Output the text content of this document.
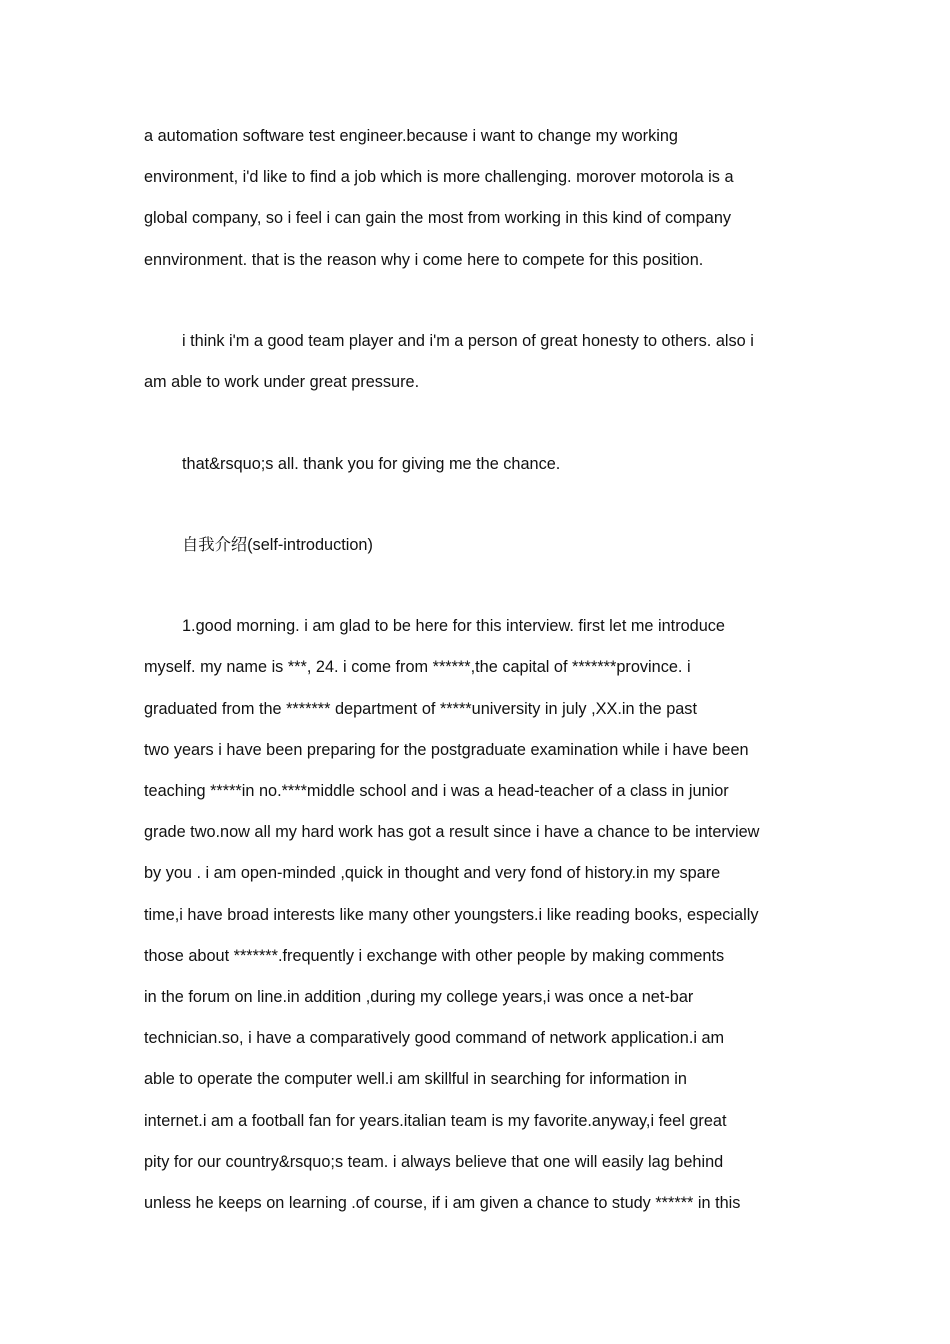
a automation software test engineer.because i want to change my working
environment, i'd like to find a job which is more challenging. morover motorola is a
global company, so i feel i can gain the most from working in this kind of company
ennvironment. that is the reason why i come here to compete for this position.
i think i'm a good team player and i'm a person of great honesty to others. also i
am able to work under great pressure.
that&rsquo;s all. thank you for giving me the chance.
自我介绍(self-introduction)
1.good morning. i am glad to be here for this interview. first let me introduce
myself. my name is ***, 24. i come from ******,the capital of *******province. i
graduated from the ******* department of *****university in july ,XX.in the past
two years i have been preparing for the postgraduate examination while i have been
teaching *****in no.****middle school and i was a head-teacher of a class in junior
grade two.now all my hard work has got a result since i have a chance to be interview
by you . i am open-minded ,quick in thought and very fond of history.in my spare
time,i have broad interests like many other youngsters.i like reading books, especially
those about *******.frequently i exchange with other people by making comments
in the forum on line.in addition ,during my college years,i was once a net-bar
technician.so, i have a comparatively good command of network application.i am
able to operate the computer well.i am skillful in searching for information in
internet.i am a football fan for years.italian team is my favorite.anyway,i feel great
pity for our country&rsquo;s team. i always believe that one will easily lag behind
unless he keeps on learning .of course, if i am given a chance to study ****** in this
